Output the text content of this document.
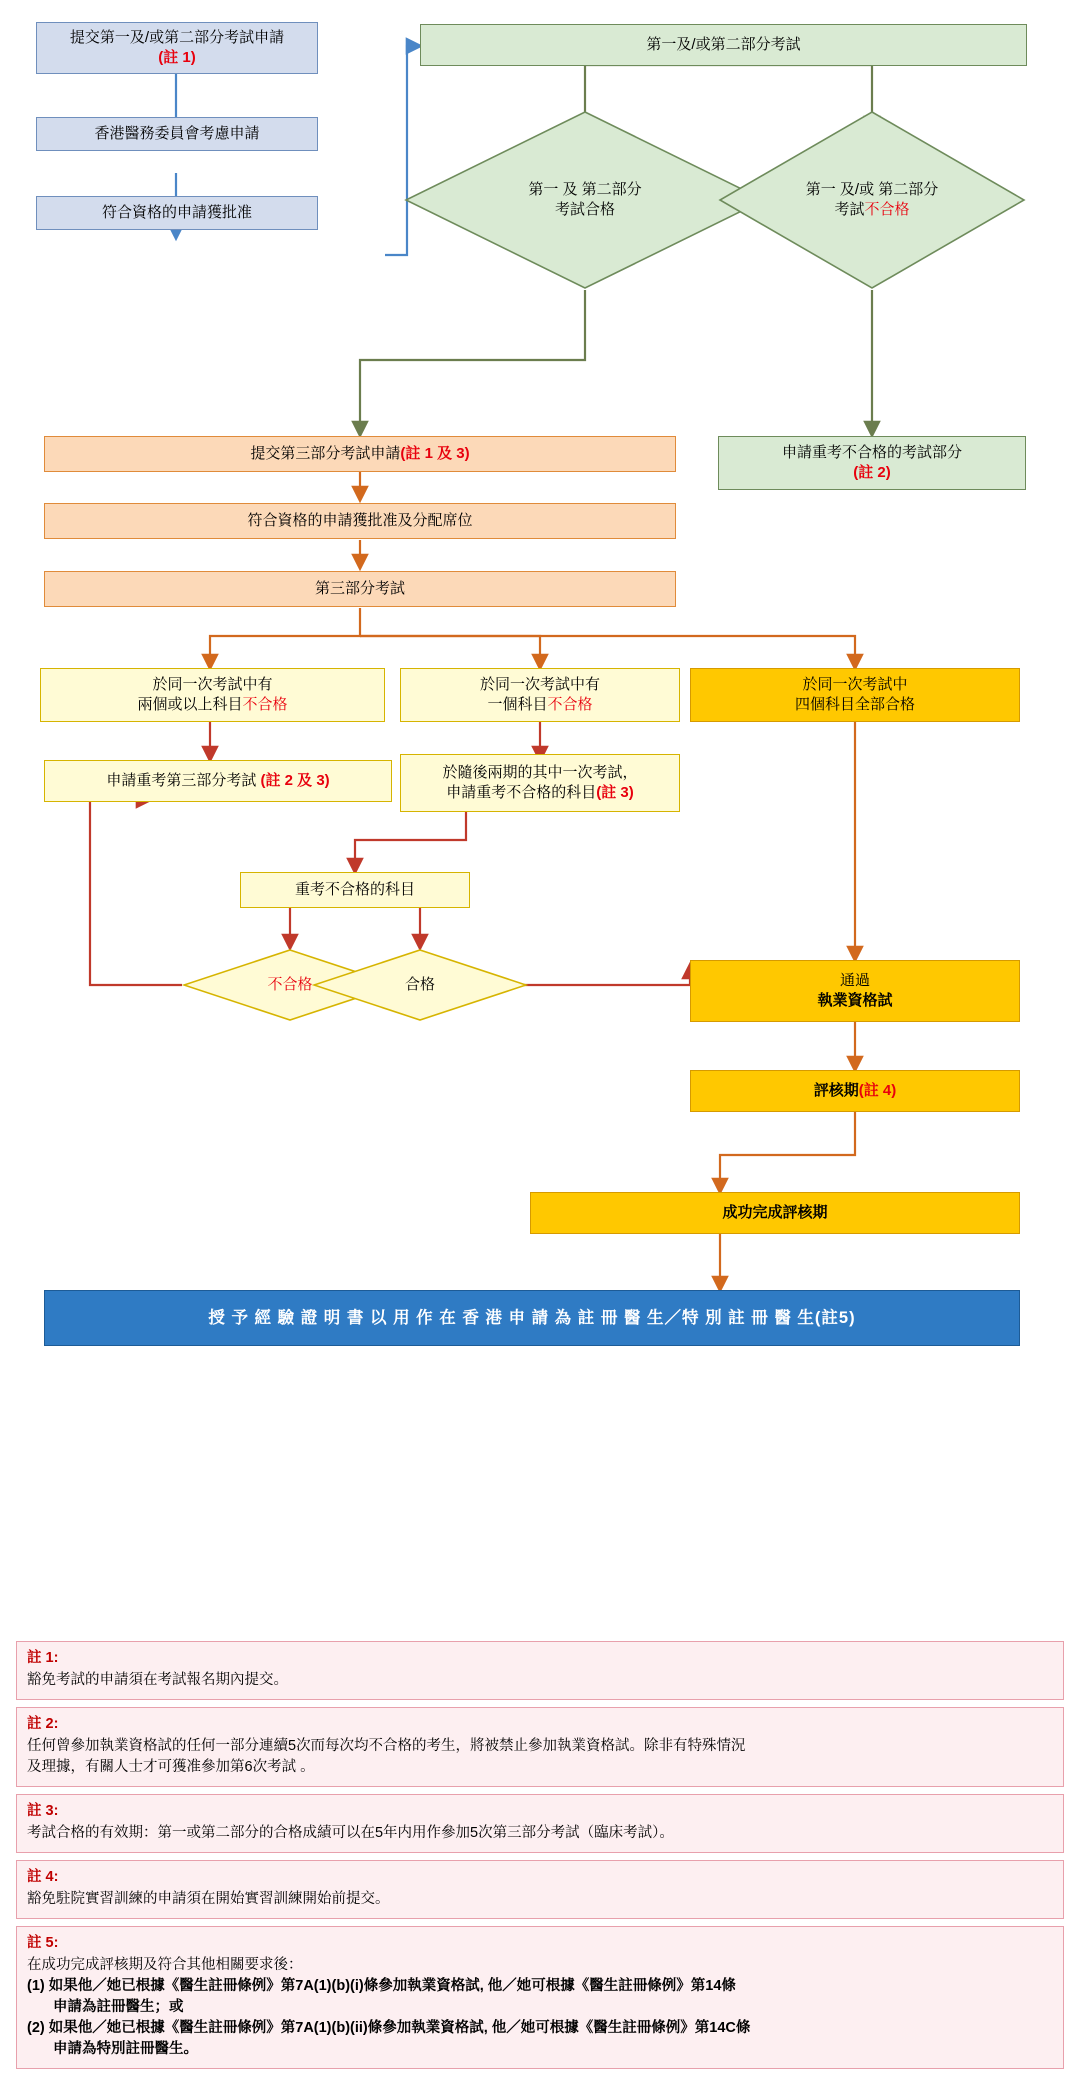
提交第一及/或第二部分考試申請
(註 1)
香港醫務委員會考慮申請
符合資格的申請獲批准
第一及/或第二部分考試
第一 及 第二部分
考試合格
第一 及/或 第二部分
考試不合格
申請重考不合格的考試部分
(註 2)
提交第三部分考試申請(註 1 及 3)
符合資格的申請獲批准及分配席位
第三部分考試
於同一次考試中有
兩個或以上科目不合格
於同一次考試中有
一個科目不合格
於同一次考試中
四個科目全部合格
申請重考第三部分考試 (註 2 及 3)	於隨後兩期的其中一次考試，
申請重考不合格的科目(註 3)
重考不合格的科目
不合格	合格	通過
執業資格試
評核期(註 4)
成功完成評核期
授 予 經 驗 證 明 書 以 用 作 在 香 港 申 請 為 註 冊 醫 生／特 別 註 冊 醫 生(註5)
註 1:
豁免考試的申請須在考試報名期內提交。
註 2:
任何曾參加執業資格試的任何一部分連續5次而每次均不合格的考生，將被禁止參加執業資格試。除非有特殊情況
及理據，有關人士才可獲准參加第6次考試 。
註 3:
考試合格的有效期：第一或第二部分的合格成績可以在5年内用作參加5次第三部分考試（臨床考試）。
註 4:
豁免駐院實習訓練的申請須在開始實習訓練開始前提交。
註 5:
在成功完成評核期及符合其他相關要求後：
(1) 如果他／她已根據《醫生註冊條例》第7A(1)(b)(i)條參加執業資格試, 他／她可根據《醫生註冊條例》第14條
申請為註冊醫生；或
(2) 如果他／她已根據《醫生註冊條例》第7A(1)(b)(ii)條參加執業資格試, 他／她可根據《醫生註冊條例》第14C條
申請為特別註冊醫生。
